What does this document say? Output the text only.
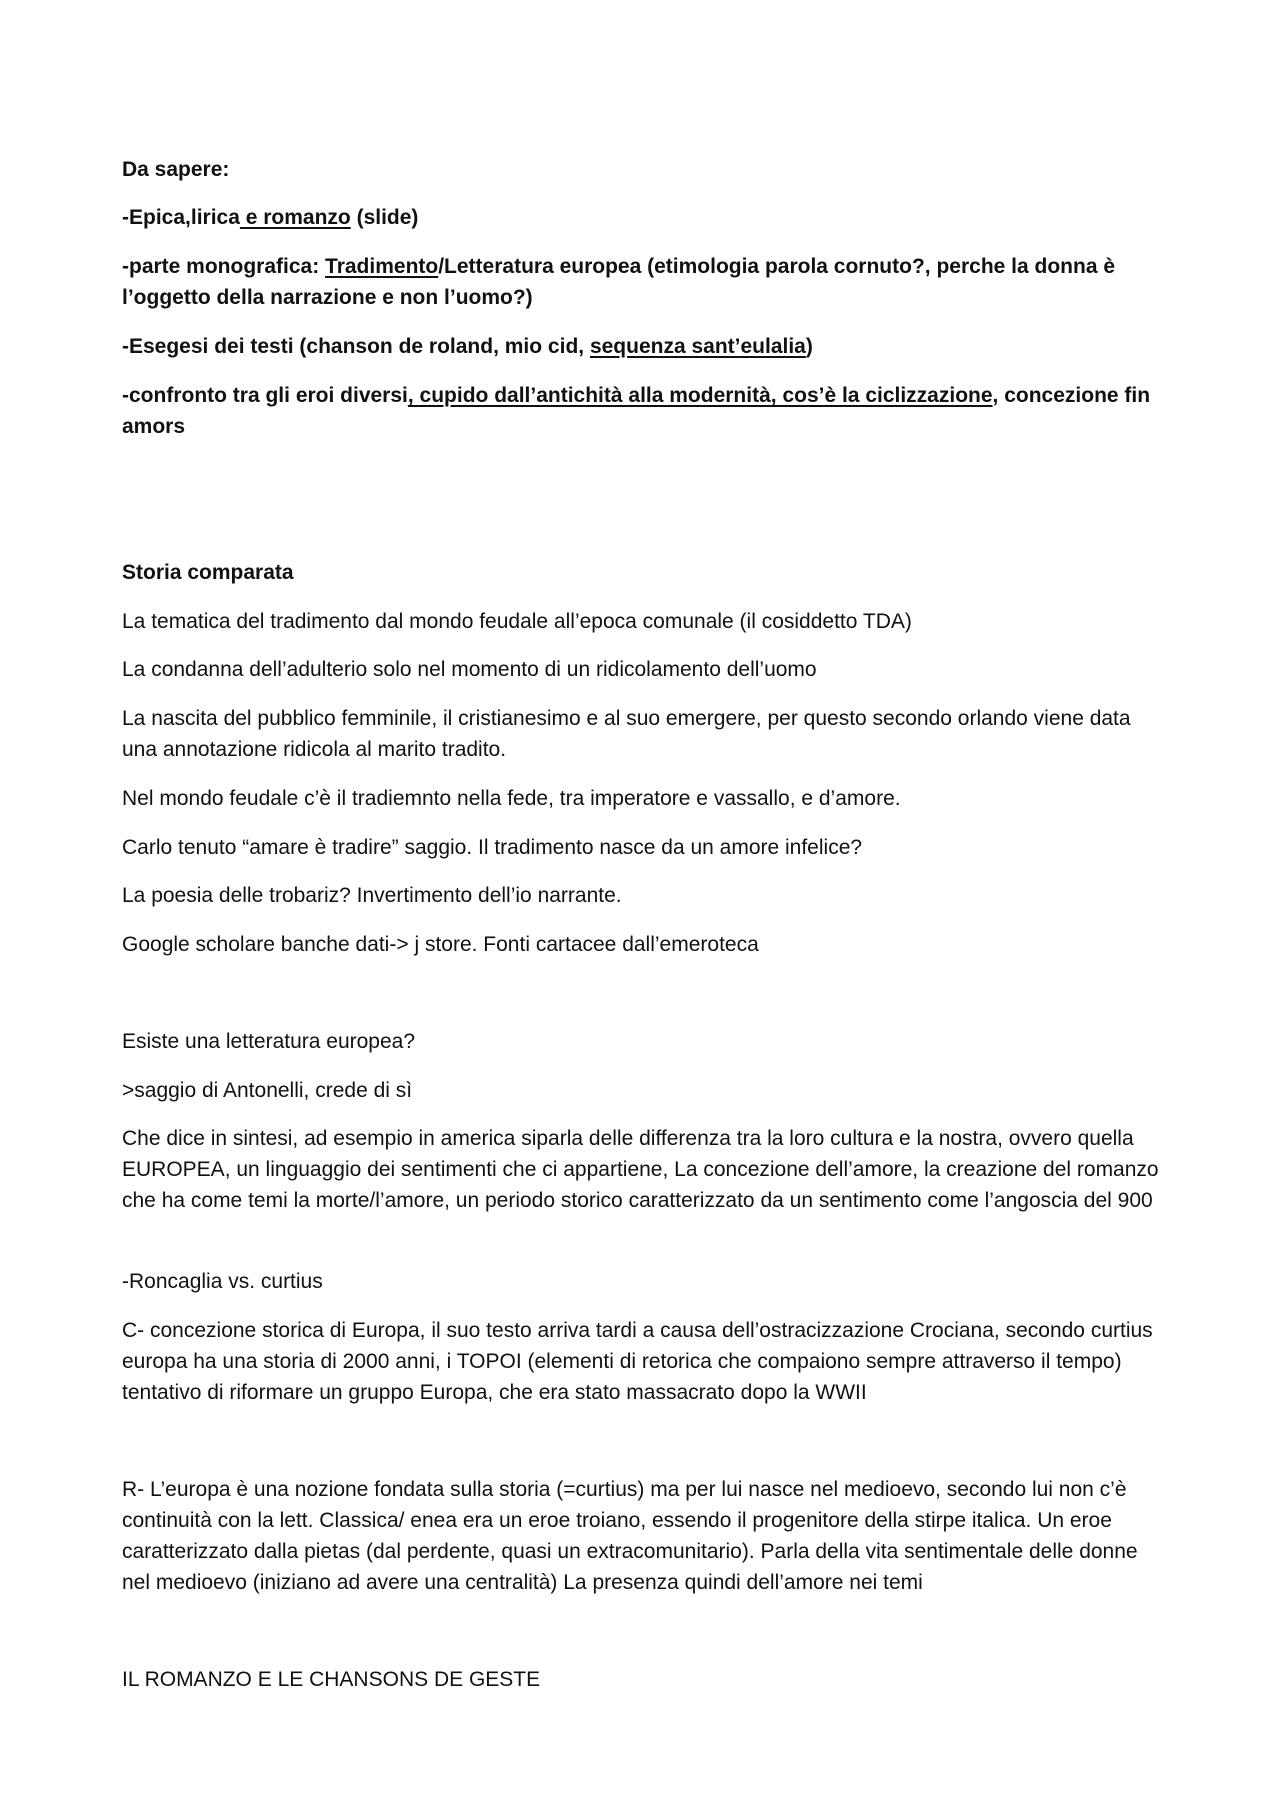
Da sapere:

-Epica,lirica e romanzo (slide)

-parte monografica: Tradimento/Letteratura europea (etimologia parola cornuto?, perche la donna è l’oggetto della narrazione e non l’uomo?)

-Esegesi dei testi (chanson de roland, mio cid, sequenza sant’eulalia)

-confronto tra gli eroi diversi, cupido dall’antichità alla modernità, cos’è la ciclizzazione, concezione fin amors

Storia comparata

La tematica del tradimento dal mondo feudale all’epoca comunale (il cosiddetto TDA)

La condanna dell’adulterio solo nel momento di un ridicolamento dell’uomo

La nascita del pubblico femminile, il cristianesimo e al suo emergere, per questo secondo orlando viene data una annotazione ridicola al marito tradito.

Nel mondo feudale c’è il tradiemnto nella fede, tra imperatore e vassallo, e d’amore.

Carlo tenuto “amare è tradire” saggio. Il tradimento nasce da un amore infelice?

La poesia delle trobariz? Invertimento dell’io narrante.

Google scholare banche dati-> j store. Fonti cartacee dall’emeroteca

Esiste una letteratura europea?

>saggio di Antonelli, crede di sì

Che dice in sintesi, ad esempio in america siparla delle differenza tra la loro cultura e la nostra, ovvero quella EUROPEA, un linguaggio dei sentimenti che ci appartiene, La concezione dell’amore, la creazione del romanzo che ha come temi la morte/l’amore, un periodo storico caratterizzato da un sentimento come l’angoscia del 900

-Roncaglia vs. curtius

C- concezione storica di Europa, il suo testo arriva tardi a causa dell’ostracizzazione Crociana, secondo curtius europa ha una storia di 2000 anni, i TOPOI (elementi di retorica che compaiono sempre attraverso il tempo) tentativo di riformare un gruppo Europa, che era stato massacrato dopo la WWII

R- L’europa è una nozione fondata sulla storia (=curtius) ma per lui nasce nel medioevo, secondo lui non c’è continuità con la lett. Classica/ enea era un eroe troiano, essendo il progenitore della stirpe italica. Un eroe caratterizzato dalla pietas (dal perdente, quasi un extracomunitario). Parla della vita sentimentale delle donne nel medioevo (iniziano ad avere una centralità) La presenza quindi dell’amore nei temi

IL ROMANZO E LE CHANSONS DE GESTE
